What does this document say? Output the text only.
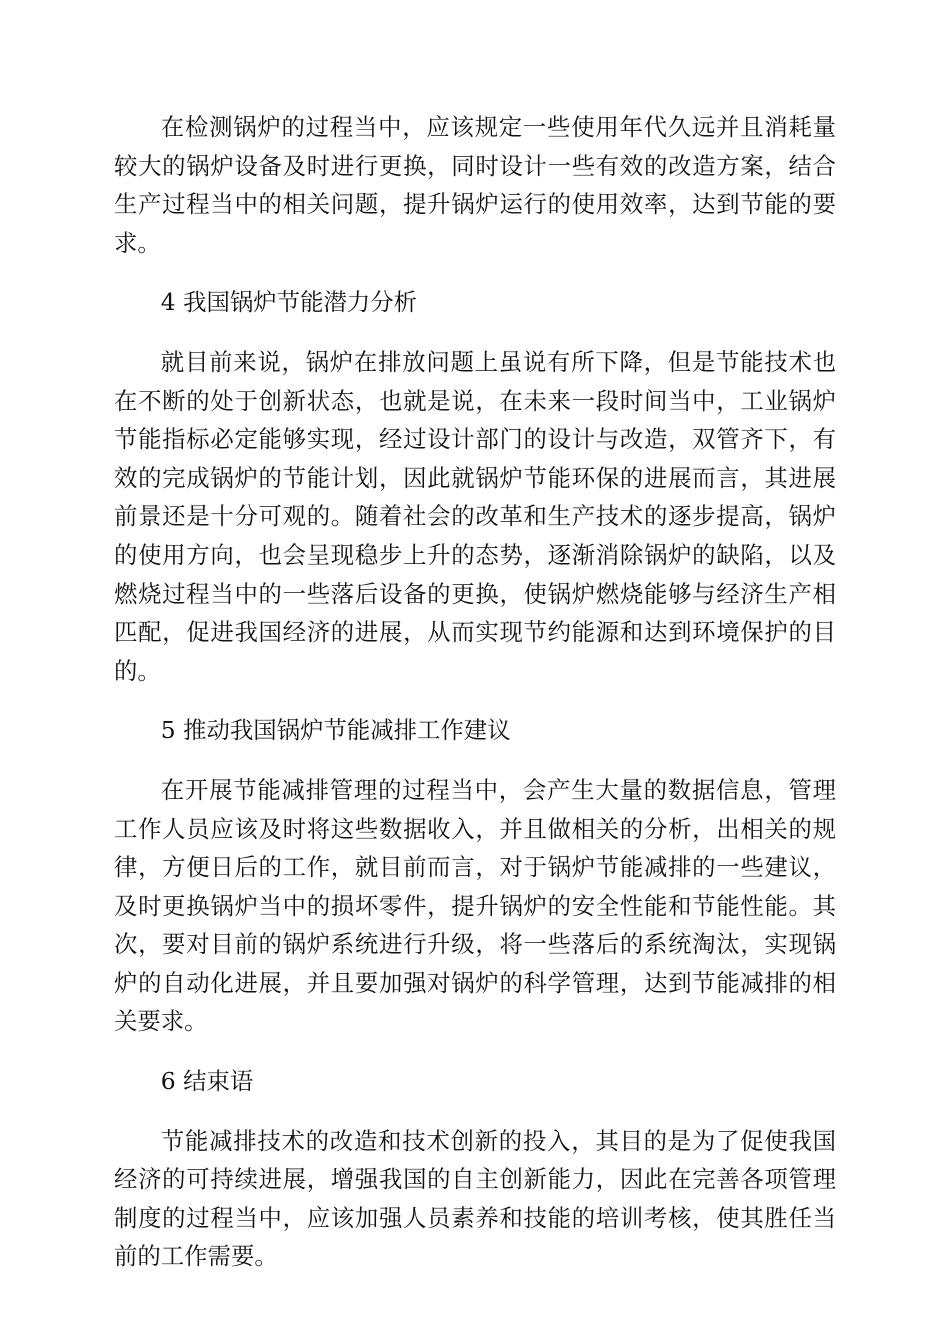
在检测锅炉的过程当中，应该规定一些使用年代久远并且消耗量较大的锅炉设备及时进行更换，同时设计一些有效的改造方案，结合生产过程当中的相关问题，提升锅炉运行的使用效率，达到节能的要求。

4 我国锅炉节能潜力分析

就目前来说，锅炉在排放问题上虽说有所下降，但是节能技术也在不断的处于创新状态，也就是说，在未来一段时间当中，工业锅炉节能指标必定能够实现，经过设计部门的设计与改造，双管齐下，有效的完成锅炉的节能计划，因此就锅炉节能环保的进展而言，其进展前景还是十分可观的。随着社会的改革和生产技术的逐步提高，锅炉的使用方向，也会呈现稳步上升的态势，逐渐消除锅炉的缺陷，以及燃烧过程当中的一些落后设备的更换，使锅炉燃烧能够与经济生产相匹配，促进我国经济的进展，从而实现节约能源和达到环境保护的目的。

5 推动我国锅炉节能减排工作建议

在开展节能减排管理的过程当中，会产生大量的数据信息，管理工作人员应该及时将这些数据收入，并且做相关的分析，出相关的规律，方便日后的工作，就目前而言，对于锅炉节能减排的一些建议，及时更换锅炉当中的损坏零件，提升锅炉的安全性能和节能性能。其次，要对目前的锅炉系统进行升级，将一些落后的系统淘汰，实现锅炉的自动化进展，并且要加强对锅炉的科学管理，达到节能减排的相关要求。

6 结束语

节能减排技术的改造和技术创新的投入，其目的是为了促使我国经济的可持续进展，增强我国的自主创新能力，因此在完善各项管理制度的过程当中，应该加强人员素养和技能的培训考核，使其胜任当前的工作需要。
